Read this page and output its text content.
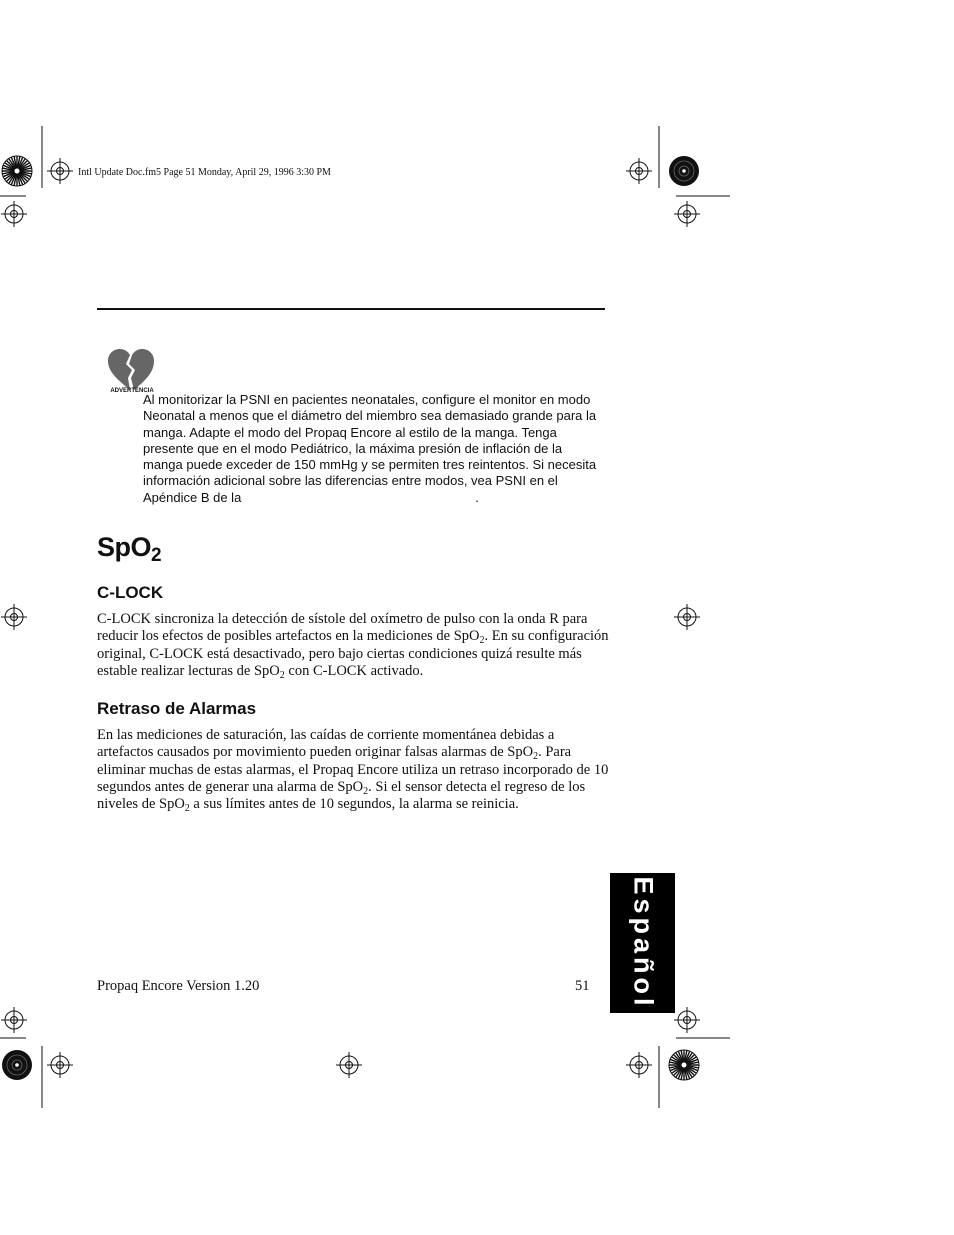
Intl Update Doc.fm5 Page 51 Monday, April 29, 1996 3:30 PM
ADVERTENCIA
Al monitorizar la PSNI en pacientes neonatales, configure el monitor en modo Neonatal a menos que el diámetro del miembro sea demasiado grande para la manga. Adapte el modo del Propaq Encore al estilo de la manga. Tenga presente que en el modo Pediátrico, la máxima presión de inflación de la manga puede exceder de 150 mmHg y se permiten tres reintentos. Si necesita información adicional sobre las diferencias entre modos, vea PSNI en el Apéndice B de la	.
SpO$_2$
C-LOCK
C-LOCK sincroniza la detección de sístole del oxímetro de pulso con la onda R para reducir los efectos de posibles artefactos en la mediciones de SpO$_2$. En su configuración original, C-LOCK está desactivado, pero bajo ciertas condiciones quizá resulte más estable realizar lecturas de SpO$_2$ con C-LOCK activado.
Retraso de Alarmas
En las mediciones de saturación, las caídas de corriente momentánea debidas a artefactos causados por movimiento pueden originar falsas alarmas de SpO$_2$. Para eliminar muchas de estas alarmas, el Propaq Encore utiliza un retraso incorporado de 10 segundos antes de generar una alarma de SpO$_2$. Si el sensor detecta el regreso de los niveles de SpO$_2$ a sus límites antes de 10 segundos, la alarma se reinicia.
Propaq Encore Version 1.20	51 Español
